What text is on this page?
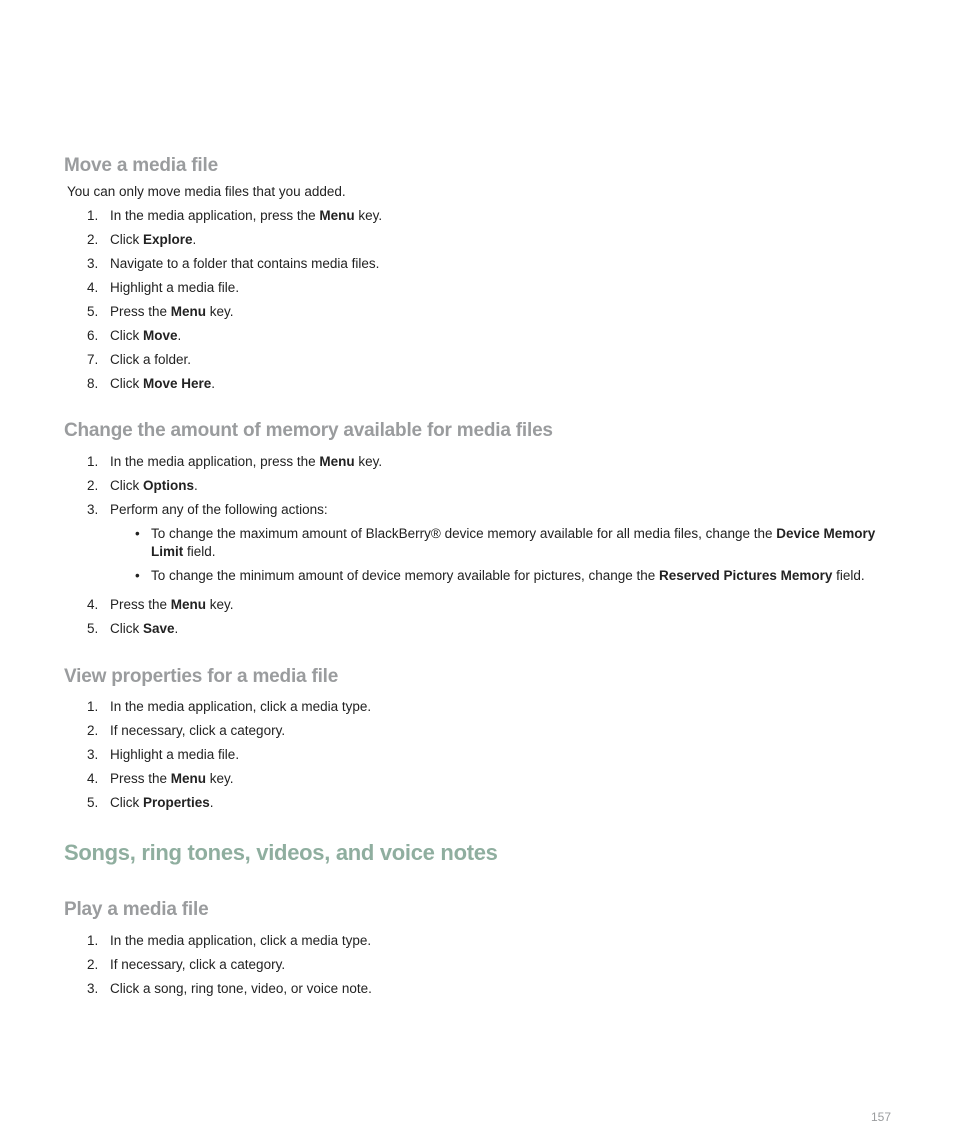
Move a media file

You can only move media files that you added.

1. In the media application, press the Menu key.
2. Click Explore.
3. Navigate to a folder that contains media files.
4. Highlight a media file.
5. Press the Menu key.
6. Click Move.
7. Click a folder.
8. Click Move Here.
Change the amount of memory available for media files
1. In the media application, press the Menu key.
2. Click Options.
3. Perform any of the following actions:
• To change the maximum amount of BlackBerry® device memory available for all media files, change the Device Memory Limit field.
• To change the minimum amount of device memory available for pictures, change the Reserved Pictures Memory field.
4. Press the Menu key.
5. Click Save.
View properties for a media file
1. In the media application, click a media type.
2. If necessary, click a category.
3. Highlight a media file.
4. Press the Menu key.
5. Click Properties.
Songs, ring tones, videos, and voice notes
Play a media file
1. In the media application, click a media type.
2. If necessary, click a category.
3. Click a song, ring tone, video, or voice note.
157
